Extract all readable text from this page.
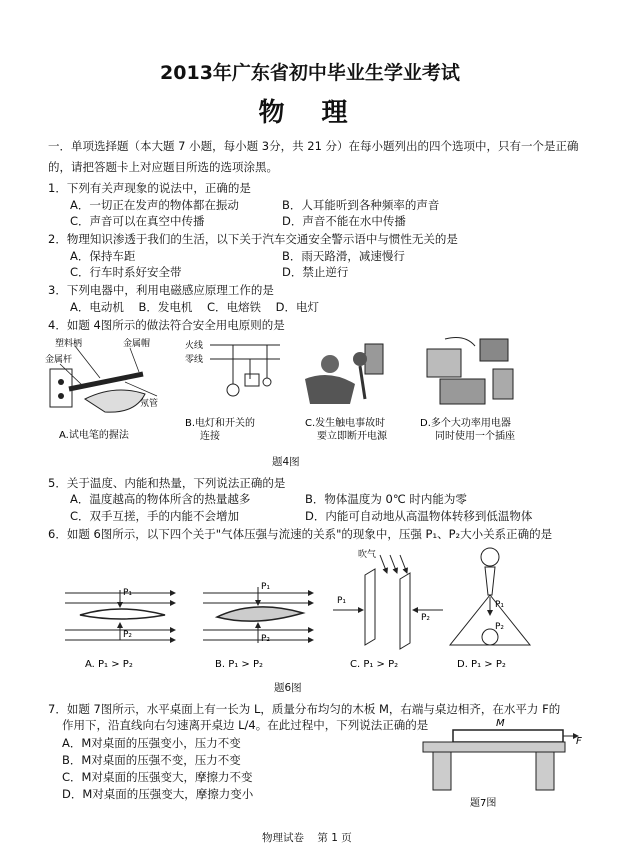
2013年广东省初中毕业生学业考试
物 理
一．单项选择题（本大题 7 小题，每小题 3分，共 21 分）在每小题列出的四个选项中，只有一个是正确
的，请把答题卡上对应题目所选的选项涂黑。
1．下列有关声现象的说法中，正确的是
A．一切正在发声的物体都在振动	B．人耳能听到各种频率的声音
C．声音可以在真空中传播	D．声音不能在水中传播
2．物理知识渗透于我们的生活，以下关于汽车交通安全警示语中与惯性无关的是
A．保持车距	B．雨天路滑，减速慢行
C．行车时系好安全带	D．禁止逆行
3．下列电器中，利用电磁感应原理工作的是
A．电动机    B．发电机    C．电熔铁    D．电灯
4．如题 4图所示的做法符合安全用电原则的是
塑料柄	金属帽
金属杆
氖管
A.试电笔的握法
火线
零线
B.电灯和开关的
连接
C.发生触电事故时
要立即断开电源
D.多个大功率用电器
同时使用一个插座
题4图
5．关于温度、内能和热量，下列说法正确的是
A．温度越高的物体所含的热量越多	B．物体温度为 0℃ 时内能为零
C．双手互搓，手的内能不会增加	D．内能可自动地从高温物体转移到低温物体
6．如题 6图所示，以下四个关于"气体压强与流速的关系"的现象中，压强 P₁、P₂大小关系正确的是
P₁
P₂
A. P₁ > P₂
P₁
P₂
B. P₁ > P₂
吹气
P₁
P₂
C. P₁ > P₂
P₁
P₂
D. P₁ > P₂
题6图
7．如题 7图所示，水平桌面上有一长为 L，质量分布均匀的木板 M，右端与桌边相齐，在水平力 F的
作用下，沿直线向右匀速离开桌边 L/4。在此过程中，下列说法正确的是
A．M对桌面的压强变小，压力不变
B．M对桌面的压强不变，压力不变
C．M对桌面的压强变大，摩擦力不变
D．M对桌面的压强变大，摩擦力变小
M
F
题7图
物理试卷    第 1 页
